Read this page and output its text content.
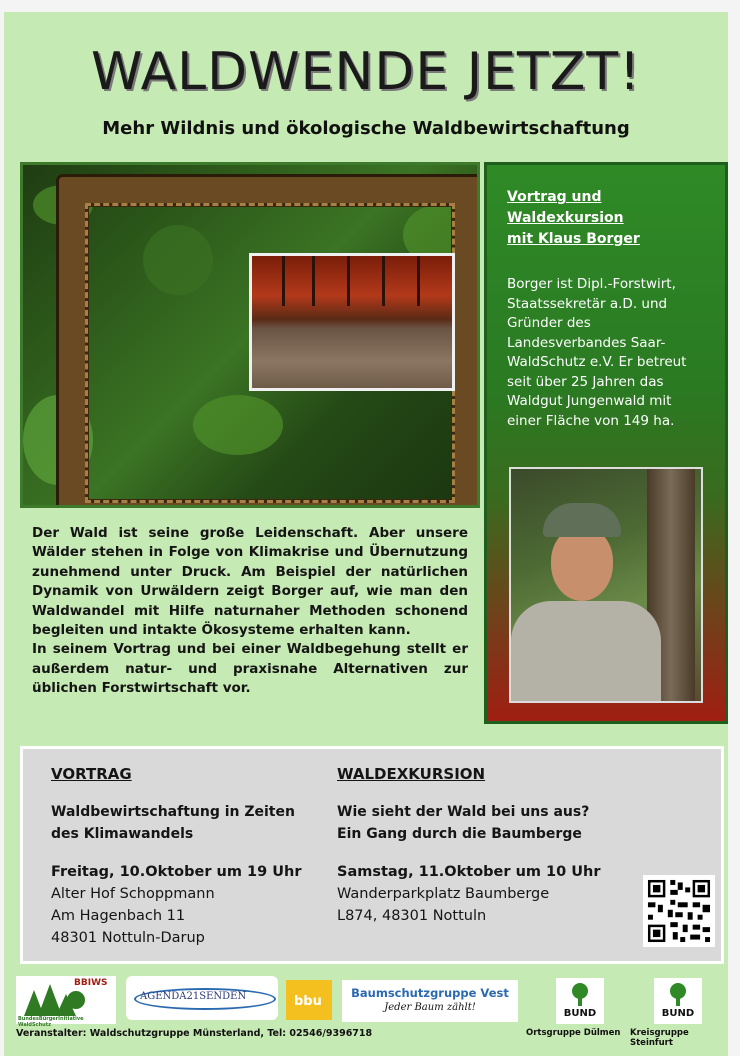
WALDWENDE JETZT!
Mehr Wildnis und ökologische Waldbewirtschaftung
Vortrag und
Waldexkursion
mit Klaus Borger
Borger ist Dipl.-Forstwirt, Staatssekretär a.D. und Gründer des Landesverbandes Saar-WaldSchutz e.V. Er betreut seit über 25 Jahren das Waldgut Jungenwald mit einer Fläche von 149 ha.

Der Wald ist seine große Leidenschaft. Aber unsere Wälder stehen in Folge von Klimakrise und Übernutzung zunehmend unter Druck. Am Beispiel der natürlichen Dynamik von Urwäldern zeigt Borger auf, wie man den Waldwandel mit Hilfe naturnaher Methoden schonend begleiten und intakte Ökosysteme erhalten kann.

In seinem Vortrag und bei einer Waldbegehung stellt er außerdem natur- und praxisnahe Alternativen zur üblichen Forstwirtschaft vor.

VORTRAG
Waldbewirtschaftung in Zeiten
des Klimawandels
Freitag, 10.Oktober um 19 Uhr
Alter Hof Schoppmann
Am Hagenbach 11
48301 Nottuln-Darup
WALDEXKURSION
Wie sieht der Wald bei uns aus?
Ein Gang durch die Baumberge
Samstag, 11.Oktober um 10 Uhr
Wanderparkplatz Baumberge
L874, 48301 Nottuln
BBIWS
BundesBürgerInitiative WaldSchutz
AGENDA21SENDEN	bbu
Baumschutzgruppe Vest
Jeder Baum zählt!
BUND	BUND
Ortsgruppe Dülmen Kreisgruppe Steinfurt
Veranstalter: Waldschutzgruppe Münsterland, Tel: 02546/9396718
